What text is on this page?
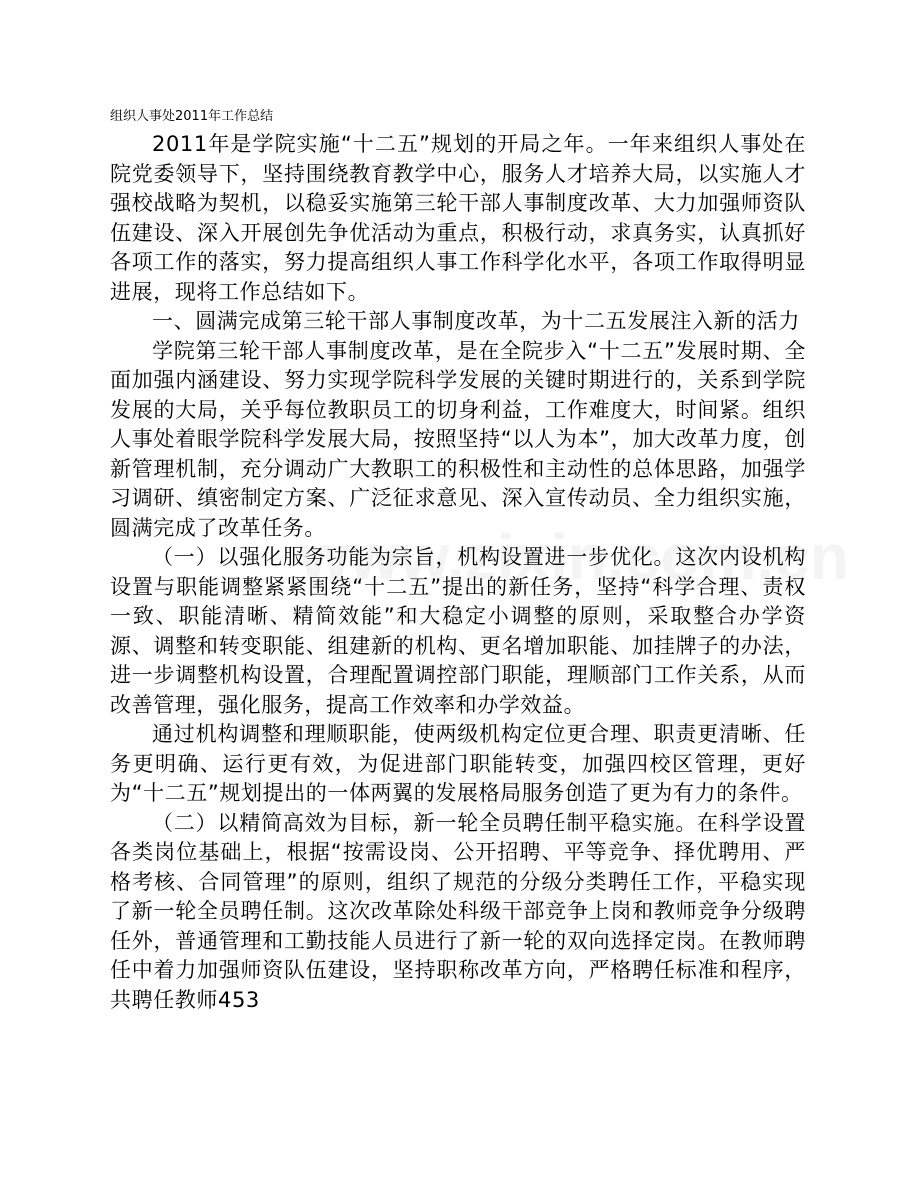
组织人事处2011年工作总结

2011年是学院实施“十二五”规划的开局之年。一年来组织人事处在院党委领导下，坚持围绕教育教学中心，服务人才培养大局，以实施人才强校战略为契机，以稳妥实施第三轮干部人事制度改革、大力加强师资队伍建设、深入开展创先争优活动为重点，积极行动，求真务实，认真抓好各项工作的落实，努力提高组织人事工作科学化水平，各项工作取得明显进展，现将工作总结如下。

一、圆满完成第三轮干部人事制度改革，为十二五发展注入新的活力

学院第三轮干部人事制度改革，是在全院步入“十二五”发展时期、全面加强内涵建设、努力实现学院科学发展的关键时期进行的，关系到学院发展的大局，关乎每位教职员工的切身利益，工作难度大，时间紧。组织人事处着眼学院科学发展大局，按照坚持“以人为本”，加大改革力度，创新管理机制，充分调动广大教职工的积极性和主动性的总体思路，加强学习调研、缜密制定方案、广泛征求意见、深入宣传动员、全力组织实施，圆满完成了改革任务。

（一）以强化服务功能为宗旨，机构设置进一步优化。这次内设机构设置与职能调整紧紧围绕“十二五”提出的新任务，坚持“科学合理、责权一致、职能清晰、精简效能”和大稳定小调整的原则，采取整合办学资源、调整和转变职能、组建新的机构、更名增加职能、加挂牌子的办法，进一步调整机构设置，合理配置调控部门职能，理顺部门工作关系，从而改善管理，强化服务，提高工作效率和办学效益。

通过机构调整和理顺职能，使两级机构定位更合理、职责更清晰、任务更明确、运行更有效，为促进部门职能转变，加强四校区管理，更好为“十二五”规划提出的一体两翼的发展格局服务创造了更为有力的条件。

（二）以精简高效为目标，新一轮全员聘任制平稳实施。在科学设置各类岗位基础上，根据“按需设岗、公开招聘、平等竞争、择优聘用、严格考核、合同管理”的原则，组织了规范的分级分类聘任工作，平稳实现了新一轮全员聘任制。这次改革除处科级干部竞争上岗和教师竞争分级聘任外，普通管理和工勤技能人员进行了新一轮的双向选择定岗。在教师聘任中着力加强师资队伍建设，坚持职称改革方向，严格聘任标准和程序，共聘任教师453
